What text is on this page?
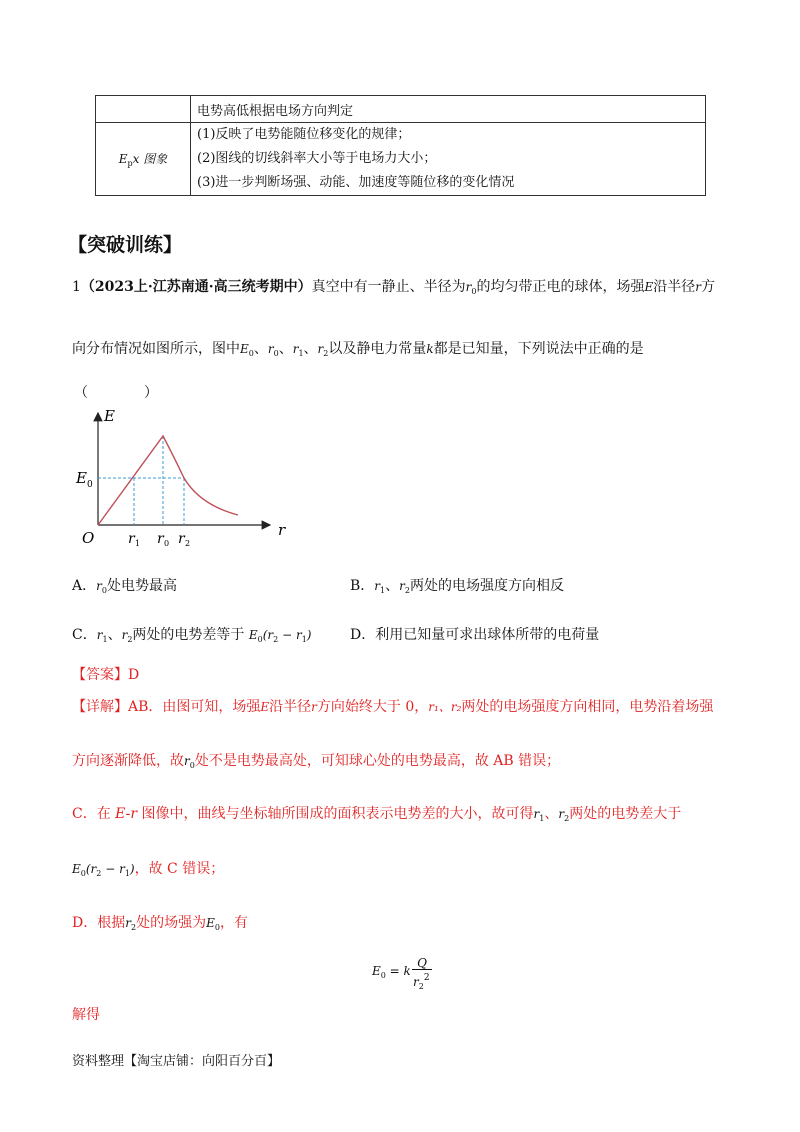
	电势高低根据电场方向判定
$E_px$ 图象	(1)反映了电势能随位移变化的规律；
(2)图线的切线斜率大小等于电场力大小；
(3)进一步判断场强、动能、加速度等随位移的变化情况
【突破训练】
1（2023上·江苏南通·高三统考期中）真空中有一静止、半径为$r_0$的均匀带正电的球体，场强E沿半径r方
向分布情况如图所示，图中$E_0$、$r_0$、$r_1$、$r_2$以及静电力常量k都是已知量，下列说法中正确的是
（　　　　）
E
r
O
E 0
r 1 r 0 r 2
A．$r_0$处电势最高	B．$r_1$、$r_2$两处的电场强度方向相反
C．$r_1$、$r_2$两处的电势差等于 $E_0(r_2 - r_1)$	D．利用已知量可求出球体所带的电荷量
【答案】D
【详解】AB．由图可知，场强E沿半径r方向始终大于 0，r₁、r₂两处的电场强度方向相同，电势沿着场强
方向逐渐降低，故$r_0$处不是电势最高处，可知球心处的电势最高，故 AB 错误；
C．在 E-r 图像中，曲线与坐标轴所围成的面积表示电势差的大小，故可得$r_1$、$r_2$两处的电势差大于
$E_0(r_2 - r_1)$，故 C 错误；
D．根据$r_2$处的场强为$E_0$，有
$E_0 = k$
Q
$r_2^2$
解得
资料整理【淘宝店铺：向阳百分百】
